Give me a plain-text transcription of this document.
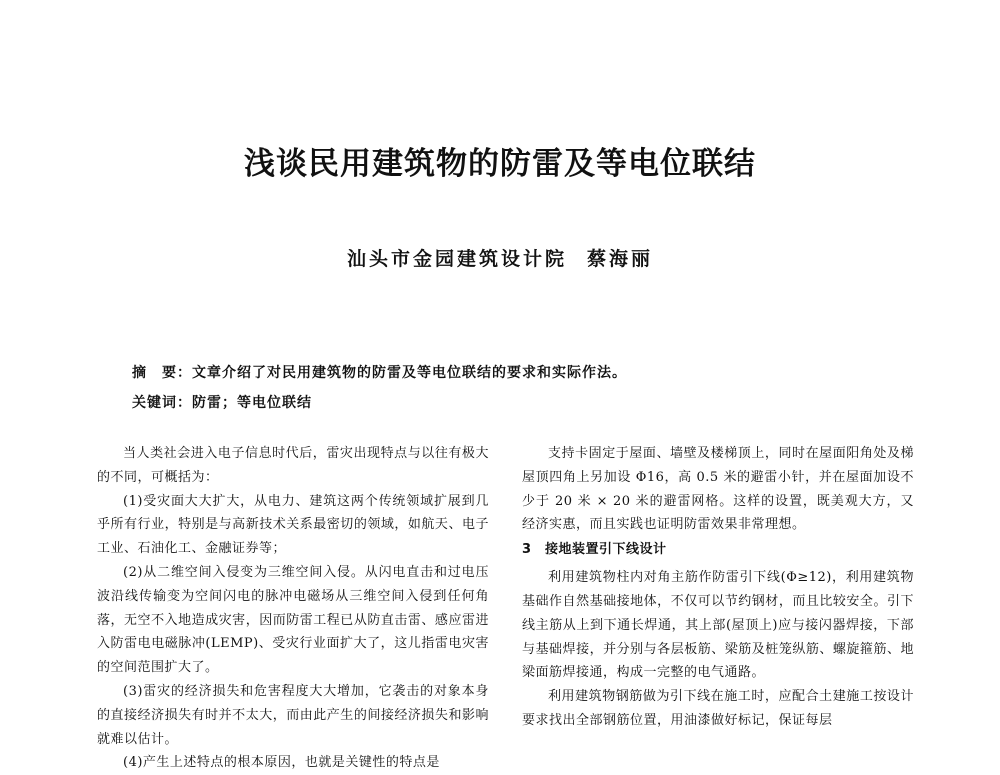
浅谈民用建筑物的防雷及等电位联结
汕头市金园建筑设计院 蔡海丽
摘　要：文章介绍了对民用建筑物的防雷及等电位联结的要求和实际作法。
关键词：防雷；等电位联结

当人类社会进入电子信息时代后，雷灾出现特点与以往有极大的不同，可概括为：

(1)受灾面大大扩大，从电力、建筑这两个传统领域扩展到几乎所有行业，特别是与高新技术关系最密切的领域，如航天、电子工业、石油化工、金融证券等；

(2)从二维空间入侵变为三维空间入侵。从闪电直击和过电压波沿线传输变为空间闪电的脉冲电磁场从三维空间入侵到任何角落，无空不入地造成灾害，因而防雷工程已从防直击雷、感应雷进入防雷电电磁脉冲(LEMP)、受灾行业面扩大了，这儿指雷电灾害的空间范围扩大了。

(3)雷灾的经济损失和危害程度大大增加，它袭击的对象本身的直接经济损失有时并不太大，而由此产生的间接经济损失和影响就难以估计。

(4)产生上述特点的根本原因，也就是关键性的特点是

支持卡固定于屋面、墙壁及楼梯顶上，同时在屋面阳角处及梯屋顶四角上另加设 Φ16，高 0.5 米的避雷小针，并在屋面加设不少于 20 米 × 20 米的避雷网格。这样的设置，既美观大方，又经济实惠，而且实践也证明防雷效果非常理想。

3　接地装置引下线设计

利用建筑物柱内对角主筋作防雷引下线(Φ≥12)，利用建筑物基础作自然基础接地体，不仅可以节约钢材，而且比较安全。引下线主筋从上到下通长焊通，其上部(屋顶上)应与接闪器焊接，下部与基础焊接，并分别与各层板筋、梁筋及桩笼纵筋、螺旋箍筋、地梁面筋焊接通，构成一完整的电气通路。

利用建筑物钢筋做为引下线在施工时，应配合土建施工按设计要求找出全部钢筋位置，用油漆做好标记，保证每层
